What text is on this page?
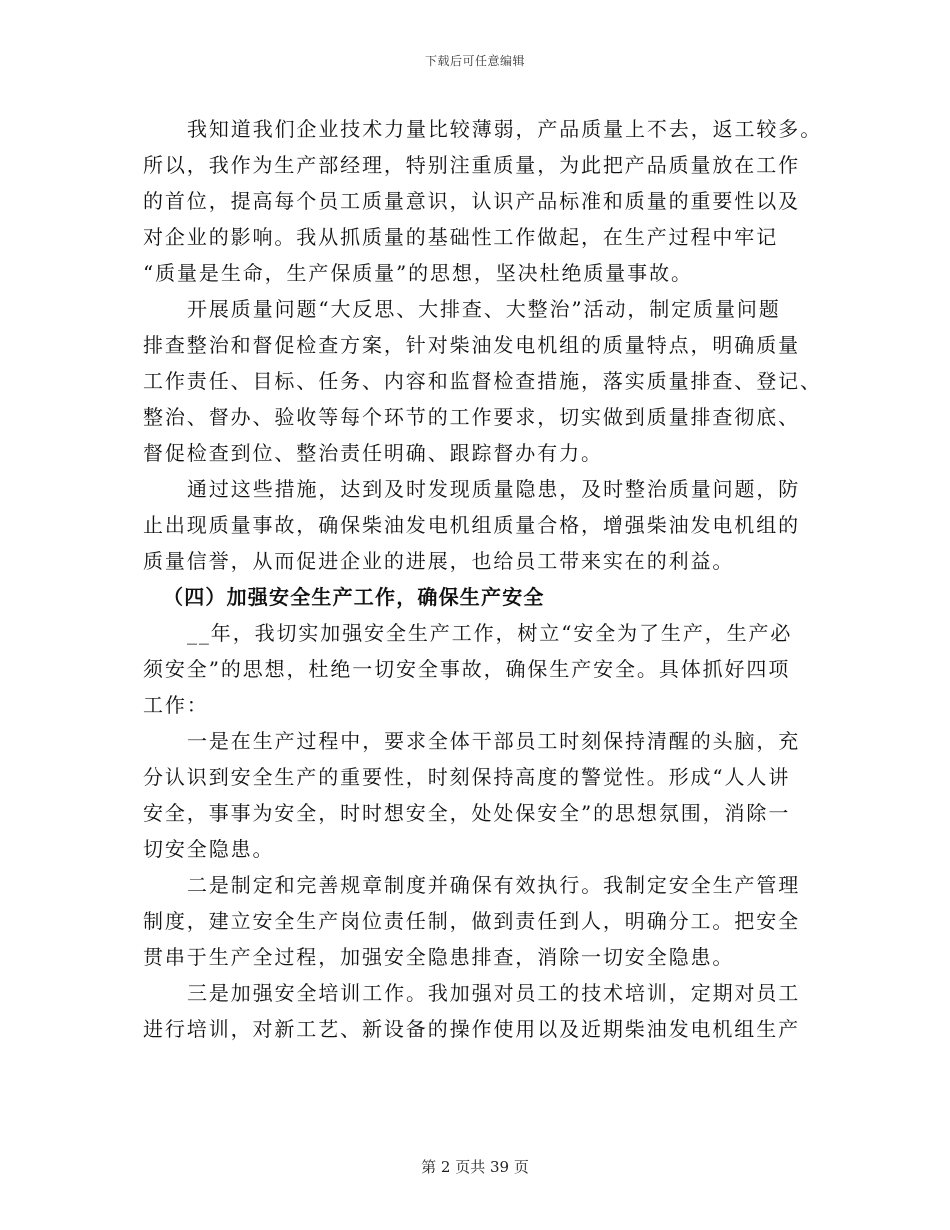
下载后可任意编辑
我知道我们企业技术力量比较薄弱，产品质量上不去，返工较多。
所以，我作为生产部经理，特别注重质量，为此把产品质量放在工作
的首位，提高每个员工质量意识，认识产品标准和质量的重要性以及
对企业的影响。我从抓质量的基础性工作做起，在生产过程中牢记
“质量是生命，生产保质量”的思想，坚决杜绝质量事故。
开展质量问题“大反思、大排查、大整治”活动，制定质量问题
排查整治和督促检查方案，针对柴油发电机组的质量特点，明确质量
工作责任、目标、任务、内容和监督检查措施，落实质量排查、登记、
整治、督办、验收等每个环节的工作要求，切实做到质量排查彻底、
督促检查到位、整治责任明确、跟踪督办有力。
通过这些措施，达到及时发现质量隐患，及时整治质量问题，防
止出现质量事故，确保柴油发电机组质量合格，增强柴油发电机组的
质量信誉，从而促进企业的进展，也给员工带来实在的利益。
（四）加强安全生产工作，确保生产安全
__年，我切实加强安全生产工作，树立“安全为了生产，生产必
须安全”的思想，杜绝一切安全事故，确保生产安全。具体抓好四项
工作：
一是在生产过程中，要求全体干部员工时刻保持清醒的头脑，充
分认识到安全生产的重要性，时刻保持高度的警觉性。形成“人人讲
安全，事事为安全，时时想安全，处处保安全”的思想氛围，消除一
切安全隐患。
二是制定和完善规章制度并确保有效执行。我制定安全生产管理
制度，建立安全生产岗位责任制，做到责任到人，明确分工。把安全
贯串于生产全过程，加强安全隐患排查，消除一切安全隐患。
三是加强安全培训工作。我加强对员工的技术培训，定期对员工
进行培训，对新工艺、新设备的操作使用以及近期柴油发电机组生产
第 2 页共 39 页
